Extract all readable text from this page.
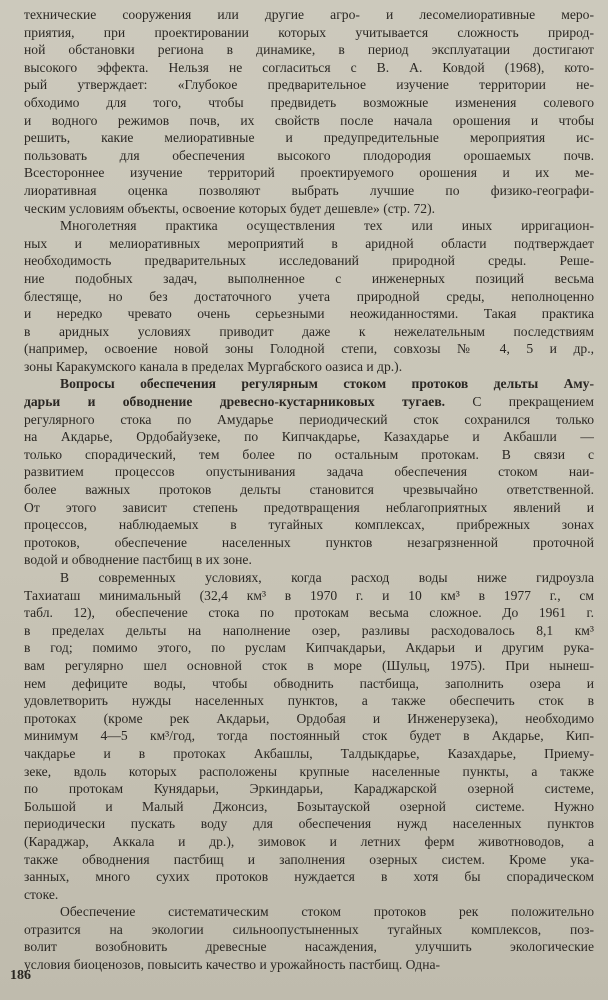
технические сооружения или другие агро- и лесомелиоративные меро-
приятия, при проектировании которых учитывается сложность природ-
ной обстановки региона в динамике, в период эксплуатации достигают
высокого эффекта. Нельзя не согласиться с В. А. Ковдой (1968), кото-
рый утверждает: «Глубокое предварительное изучение территории не-
обходимо для того, чтобы предвидеть возможные изменения солевого
и водного режимов почв, их свойств после начала орошения и чтобы
решить, какие мелиоративные и предупредительные мероприятия ис-
пользовать для обеспечения высокого плодородия орошаемых почв.
Всестороннее изучение территорий проектируемого орошения и их ме-
лиоративная оценка позволяют выбрать лучшие по физико-географи-
ческим условиям объекты, освоение которых будет дешевле» (стр. 72).
Многолетняя практика осуществления тех или иных ирригацион-
ных и мелиоративных мероприятий в аридной области подтверждает
необходимость предварительных исследований природной среды. Реше-
ние подобных задач, выполненное с инженерных позиций весьма
блестяще, но без достаточного учета природной среды, неполноценно
и нередко чревато очень серьезными неожиданностями. Такая практика
в аридных условиях приводит даже к нежелательным последствиям
(например, освоение новой зоны Голодной степи, совхозы № 4, 5 и др.,
зоны Каракумского канала в пределах Мургабского оазиса и др.).
Вопросы обеспечения регулярным стоком протоков дельты Аму-
дарьи и обводнение древесно-кустарниковых тугаев. С прекращением
регулярного стока по Амударье периодический сток сохранился только
на Акдарье, Ордобайузеке, по Кипчакдарье, Казахдарье и Акбашли —
только спорадический, тем более по остальным протокам. В связи с
развитием процессов опустынивания задача обеспечения стоком наи-
более важных протоков дельты становится чрезвычайно ответственной.
От этого зависит степень предотвращения неблагоприятных явлений и
процессов, наблюдаемых в тугайных комплексах, прибрежных зонах
протоков, обеспечение населенных пунктов незагрязненной проточной
водой и обводнение пастбищ в их зоне.
В современных условиях, когда расход воды ниже гидроузла
Тахиаташ минимальный (32,4 км³ в 1970 г. и 10 км³ в 1977 г., см
табл. 12), обеспечение стока по протокам весьма сложное. До 1961 г.
в пределах дельты на наполнение озер, разливы расходовалось 8,1 км³
в год; помимо этого, по руслам Кипчакдарьи, Акдарьи и другим рука-
вам регулярно шел основной сток в море (Шульц, 1975). При нынеш-
нем дефиците воды, чтобы обводнить пастбища, заполнить озера и
удовлетворить нужды населенных пунктов, а также обеспечить сток в
протоках (кроме рек Акдарьи, Ордобая и Инженерузека), необходимо
минимум 4—5 км³/год, тогда постоянный сток будет в Акдарье, Кип-
чакдарье и в протоках Акбашлы, Талдыкдарье, Казахдарье, Приему-
зеке, вдоль которых расположены крупные населенные пункты, а также
по протокам Кунядарьи, Эркиндарьи, Караджарской озерной системе,
Большой и Малый Джонсиз, Бозытауской озерной системе. Нужно
периодически пускать воду для обеспечения нужд населенных пунктов
(Караджар, Аккала и др.), зимовок и летних ферм животноводов, а
также обводнения пастбищ и заполнения озерных систем. Кроме ука-
занных, много сухих протоков нуждается в хотя бы спорадическом
стоке.
Обеспечение систематическим стоком протоков рек положительно
отразится на экологии сильноопустыненных тугайных комплексов, поз-
волит возобновить древесные насаждения, улучшить экологические
условия биоценозов, повысить качество и урожайность пастбищ. Одна-
186
